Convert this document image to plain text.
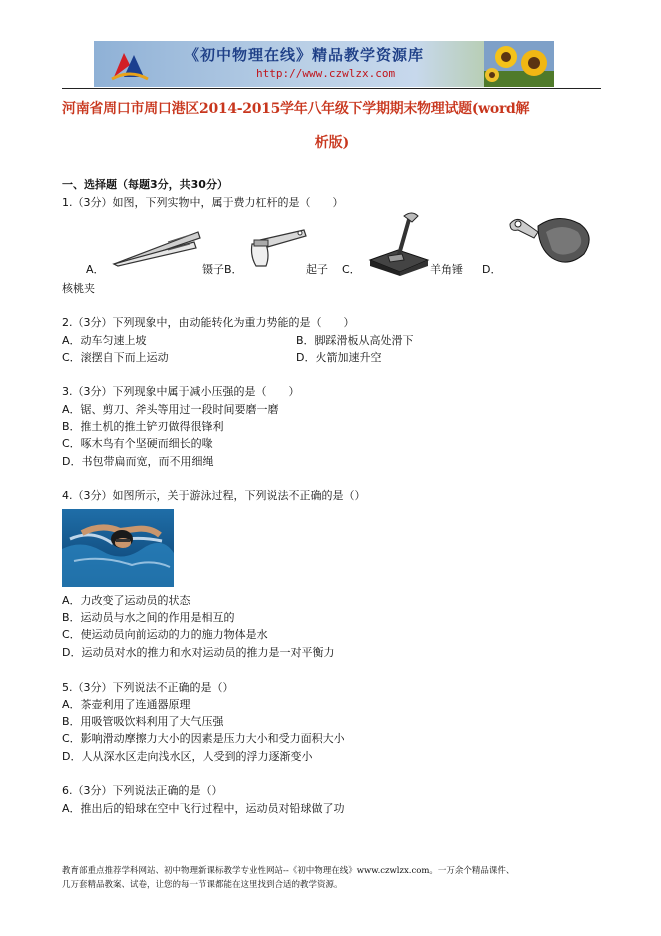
《初中物理在线》精品教学资源库
http://www.czwlzx.com
河南省周口市周口港区2014-2015学年八年级下学期期末物理试题(word解
析版)
一、选择题（每题3分，共30分）
1.（3分）如图，下列实物中，属于费力杠杆的是（　　）
A．	镊子 B．	起子 C．	羊角锤 D．
核桃夹
2.（3分）下列现象中，由动能转化为重力势能的是（　　）
A．动车匀速上坡	B．脚踩滑板从高处滑下
C．滚摆自下而上运动	D．火箭加速升空
3.（3分）下列现象中属于减小压强的是（　　）
A．锯、剪刀、斧头等用过一段时间要磨一磨
B．推土机的推土铲刃做得很锋利
C．啄木鸟有个坚硬而细长的喙
D．书包带扁而宽，而不用细绳
4.（3分）如图所示，关于游泳过程，下列说法不正确的是（）
A．力改变了运动员的状态
B．运动员与水之间的作用是相互的
C．使运动员向前运动的力的施力物体是水
D．运动员对水的推力和水对运动员的推力是一对平衡力
5.（3分）下列说法不正确的是（）
A．茶壶利用了连通器原理
B．用吸管吸饮料利用了大气压强
C．影响滑动摩擦力大小的因素是压力大小和受力面积大小
D．人从深水区走向浅水区，人受到的浮力逐渐变小
6.（3分）下列说法正确的是（）
A．推出后的铅球在空中飞行过程中，运动员对铅球做了功
教育部重点推荐学科网站、初中物理新课标教学专业性网站--《初中物理在线》www.czwlzx.com。一万余个精品课件、
几万套精品教案、试卷，让您的每一节课都能在这里找到合适的教学资源。
